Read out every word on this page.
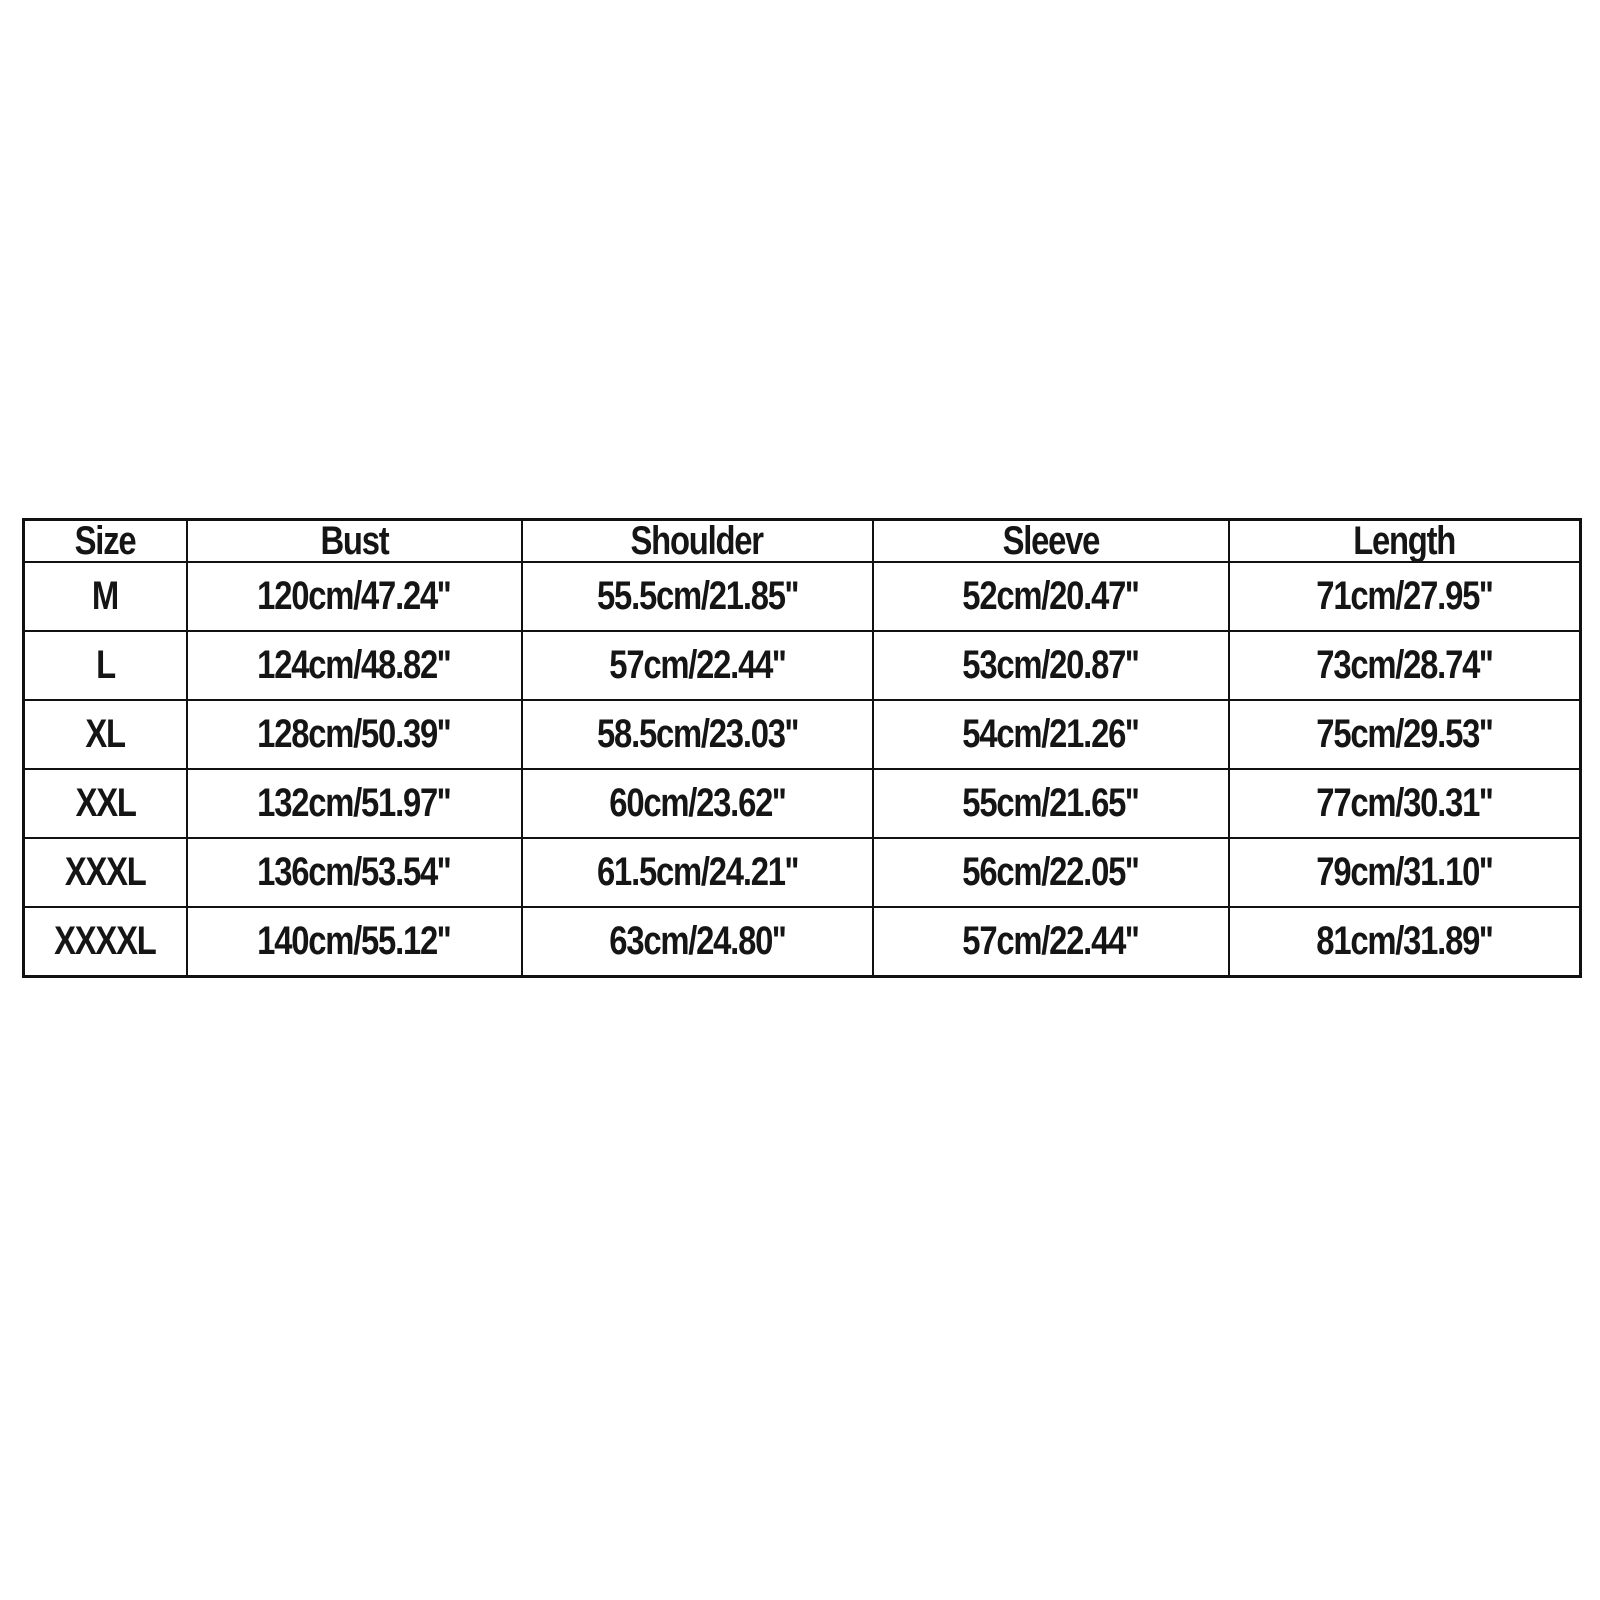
Size	Bust	Shoulder	Sleeve	Length
M	120cm/47.24''	55.5cm/21.85''	52cm/20.47''	71cm/27.95''
L	124cm/48.82''	57cm/22.44''	53cm/20.87''	73cm/28.74''
XL	128cm/50.39''	58.5cm/23.03''	54cm/21.26''	75cm/29.53''
XXL	132cm/51.97''	60cm/23.62''	55cm/21.65''	77cm/30.31''
XXXL	136cm/53.54''	61.5cm/24.21''	56cm/22.05''	79cm/31.10''
XXXXL	140cm/55.12''	63cm/24.80''	57cm/22.44''	81cm/31.89''
